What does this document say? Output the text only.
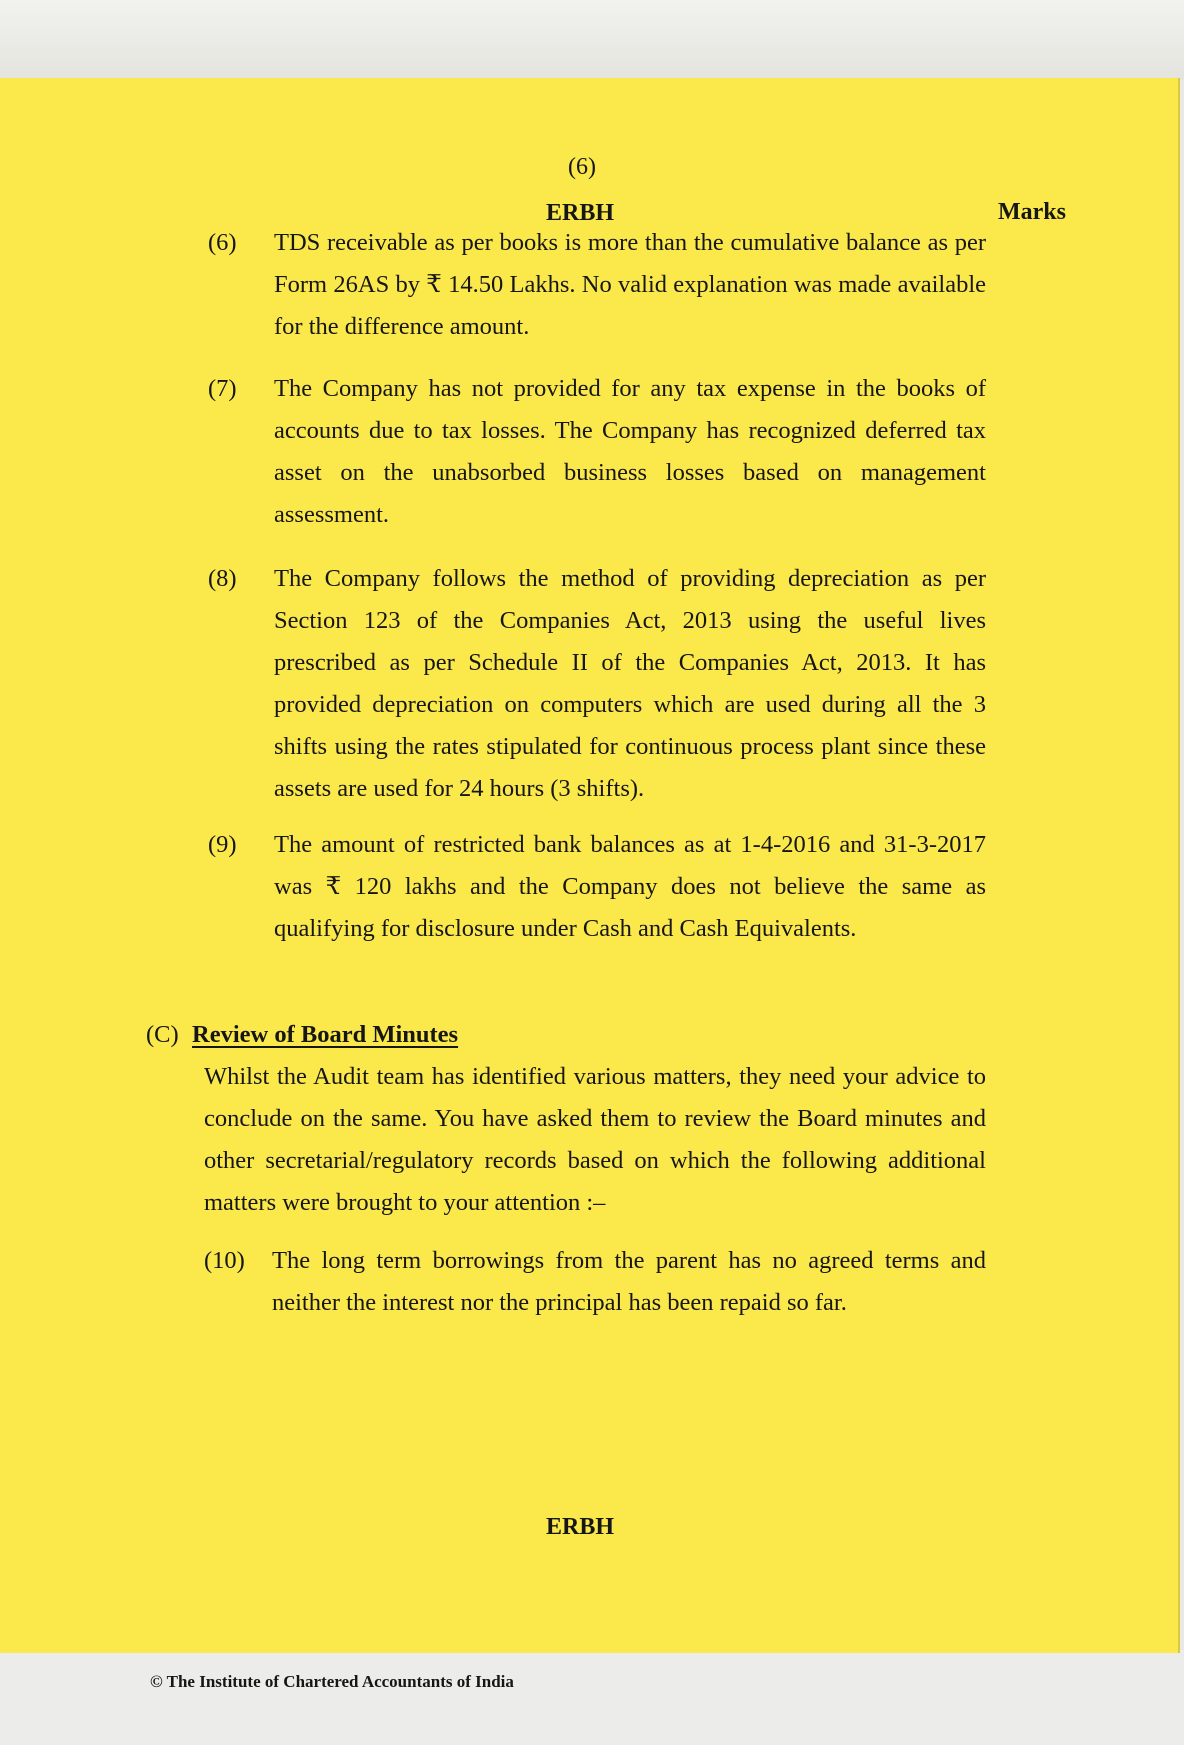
(6)
ERBH	Marks
(6) TDS receivable as per books is more than the cumulative balance as per Form 26AS by ₹ 14.50 Lakhs. No valid explanation was made available for the difference amount.
(7) The Company has not provided for any tax expense in the books of accounts due to tax losses. The Company has recognized deferred tax asset on the unabsorbed business losses based on management assessment.
(8) The Company follows the method of providing depreciation as per Section 123 of the Companies Act, 2013 using the useful lives prescribed as per Schedule II of the Companies Act, 2013. It has provided depreciation on computers which are used during all the 3 shifts using the rates stipulated for continuous process plant since these assets are used for 24 hours (3 shifts).
(9) The amount of restricted bank balances as at 1-4-2016 and 31-3-2017 was ₹ 120 lakhs and the Company does not believe the same as qualifying for disclosure under Cash and Cash Equivalents.
(C) Review of Board Minutes
Whilst the Audit team has identified various matters, they need your advice to conclude on the same. You have asked them to review the Board minutes and other secretarial/regulatory records based on which the following additional matters were brought to your attention :–
(10) The long term borrowings from the parent has no agreed terms and neither the interest nor the principal has been repaid so far.
ERBH
© The Institute of Chartered Accountants of India
